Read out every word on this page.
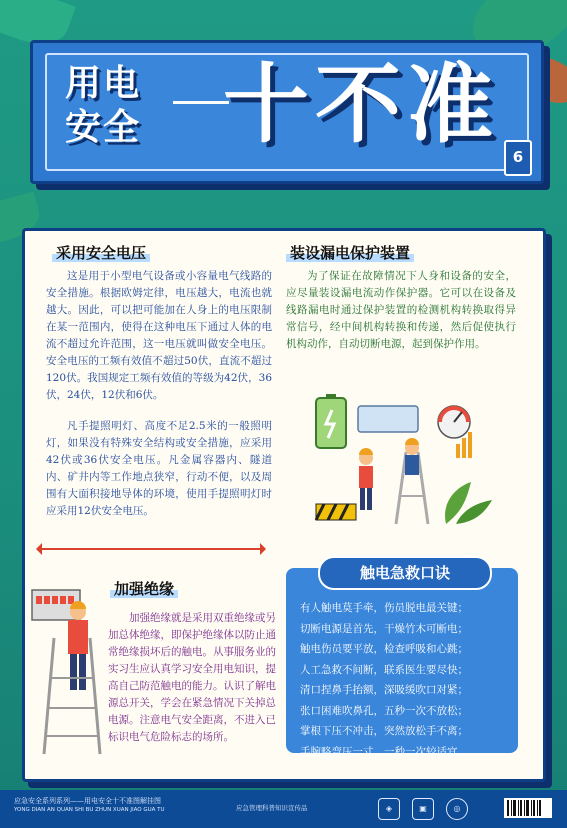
用电
安全 十不准
6
采用安全电压
这是用于小型电气设备或小容量电气线路的安全措施。根据欧姆定律，电压越大，电流也就越大。因此，可以把可能加在人身上的电压限制在某一范围内，使得在这种电压下通过人体的电流不超过允许范围，这一电压就叫做安全电压。安全电压的工频有效值不超过50伏，直流不超过120伏。我国规定工频有效值的等级为42伏，36伏，24伏，12伏和6伏。
凡手提照明灯、高度不足2.5米的一般照明灯，如果没有特殊安全结构或安全措施，应采用42伏或36伏安全电压。凡金属容器内、隧道内、矿井内等工作地点狭窄，行动不便，以及周围有大面积接地导体的环境，使用手提照明灯时应采用12伏安全电压。
装设漏电保护装置
为了保证在故障情况下人身和设备的安全，应尽量装设漏电流动作保护器。它可以在设备及线路漏电时通过保护装置的检测机构转换取得异常信号，经中间机构转换和传递，然后促使执行机构动作，自动切断电源，起到保护作用。
加强绝缘
加强绝缘就是采用双重绝缘或另加总体绝缘，即保护绝缘体以防止通常绝缘损坏后的触电。从事服务业的实习生应认真学习安全用电知识，提高自己防范触电的能力。认识了解电源总开关，学会在紧急情况下关掉总电源。注意电气安全距离，不进入已标识电气危险标志的场所。
触电急救口诀
有人触电莫手牵，伤员脱电最关键；
切断电源是首先，干燥竹木可断电；
触电伤员要平放，检查呼吸和心跳；
人工急救不间断，联系医生要尽快；
清口捏鼻手抬额，深吸缓吹口对紧；
张口困难吹鼻孔，五秒一次不放松；
掌根下压不冲击，突然放松手不离；
手腕略弯压一寸，一秒一次较适宜。
应急安全系列系列——用电安全十不准图解挂图
YONG DIAN AN QUAN SHI BU ZHUN XUAN JIAO GUA TU	应急管理科普知识宣传品	◈	▣	◎
